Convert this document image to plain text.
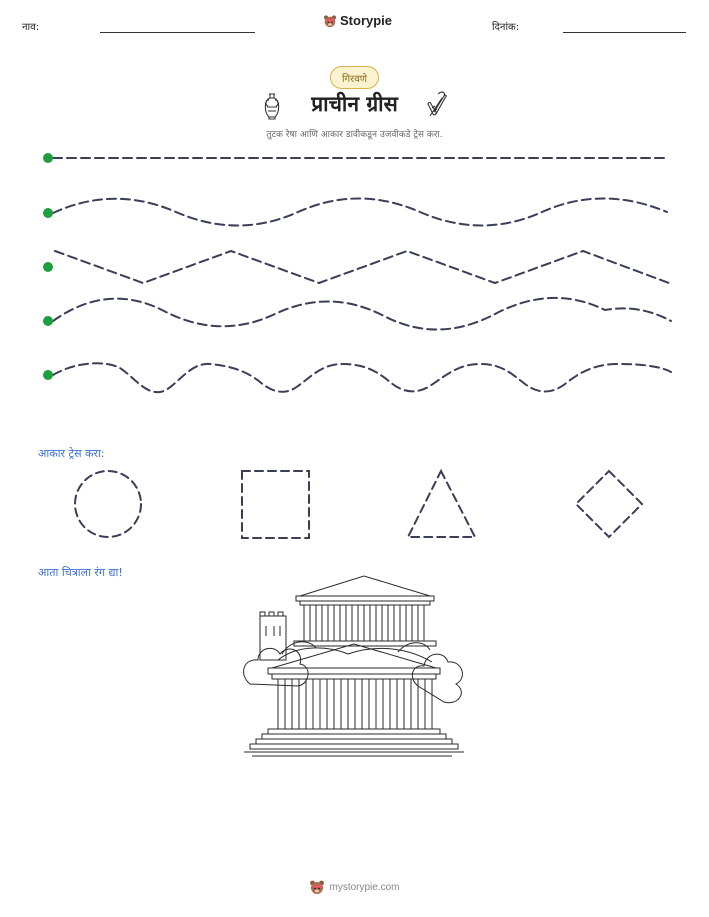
नाव:	Storypie	दिनांक:
गिरवणे
प्राचीन ग्रीस
तुटक रेषा आणि आकार डावीकडून उजवीकडे ट्रेस करा.
आकार ट्रेस करा:
आता चित्राला रंग द्या!
mystorypie.com
